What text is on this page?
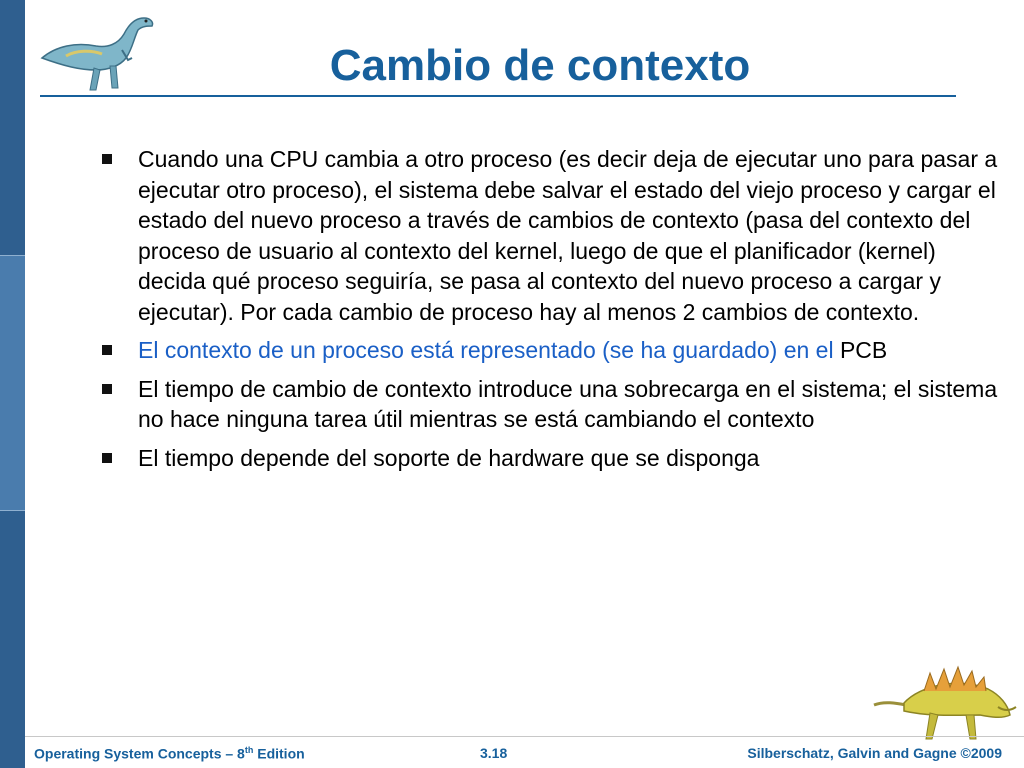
Cambio de contexto
Cuando una CPU cambia a otro proceso (es decir deja de ejecutar uno para pasar a ejecutar otro proceso), el sistema debe salvar el estado del viejo proceso y cargar el estado del nuevo proceso a través de cambios de contexto (pasa del contexto del proceso de usuario al contexto del kernel, luego de que el planificador (kernel) decida qué proceso seguiría, se pasa al contexto del nuevo proceso a cargar y ejecutar). Por cada cambio de proceso hay al menos 2 cambios de contexto.
El contexto de un proceso está representado (se ha guardado) en el PCB
El tiempo de cambio de contexto introduce una sobrecarga en el sistema; el sistema no hace ninguna tarea útil mientras se está cambiando el contexto
El tiempo depende del soporte de hardware que se disponga
Operating System Concepts – 8th Edition	3.18	Silberschatz, Galvin and Gagne ©2009
